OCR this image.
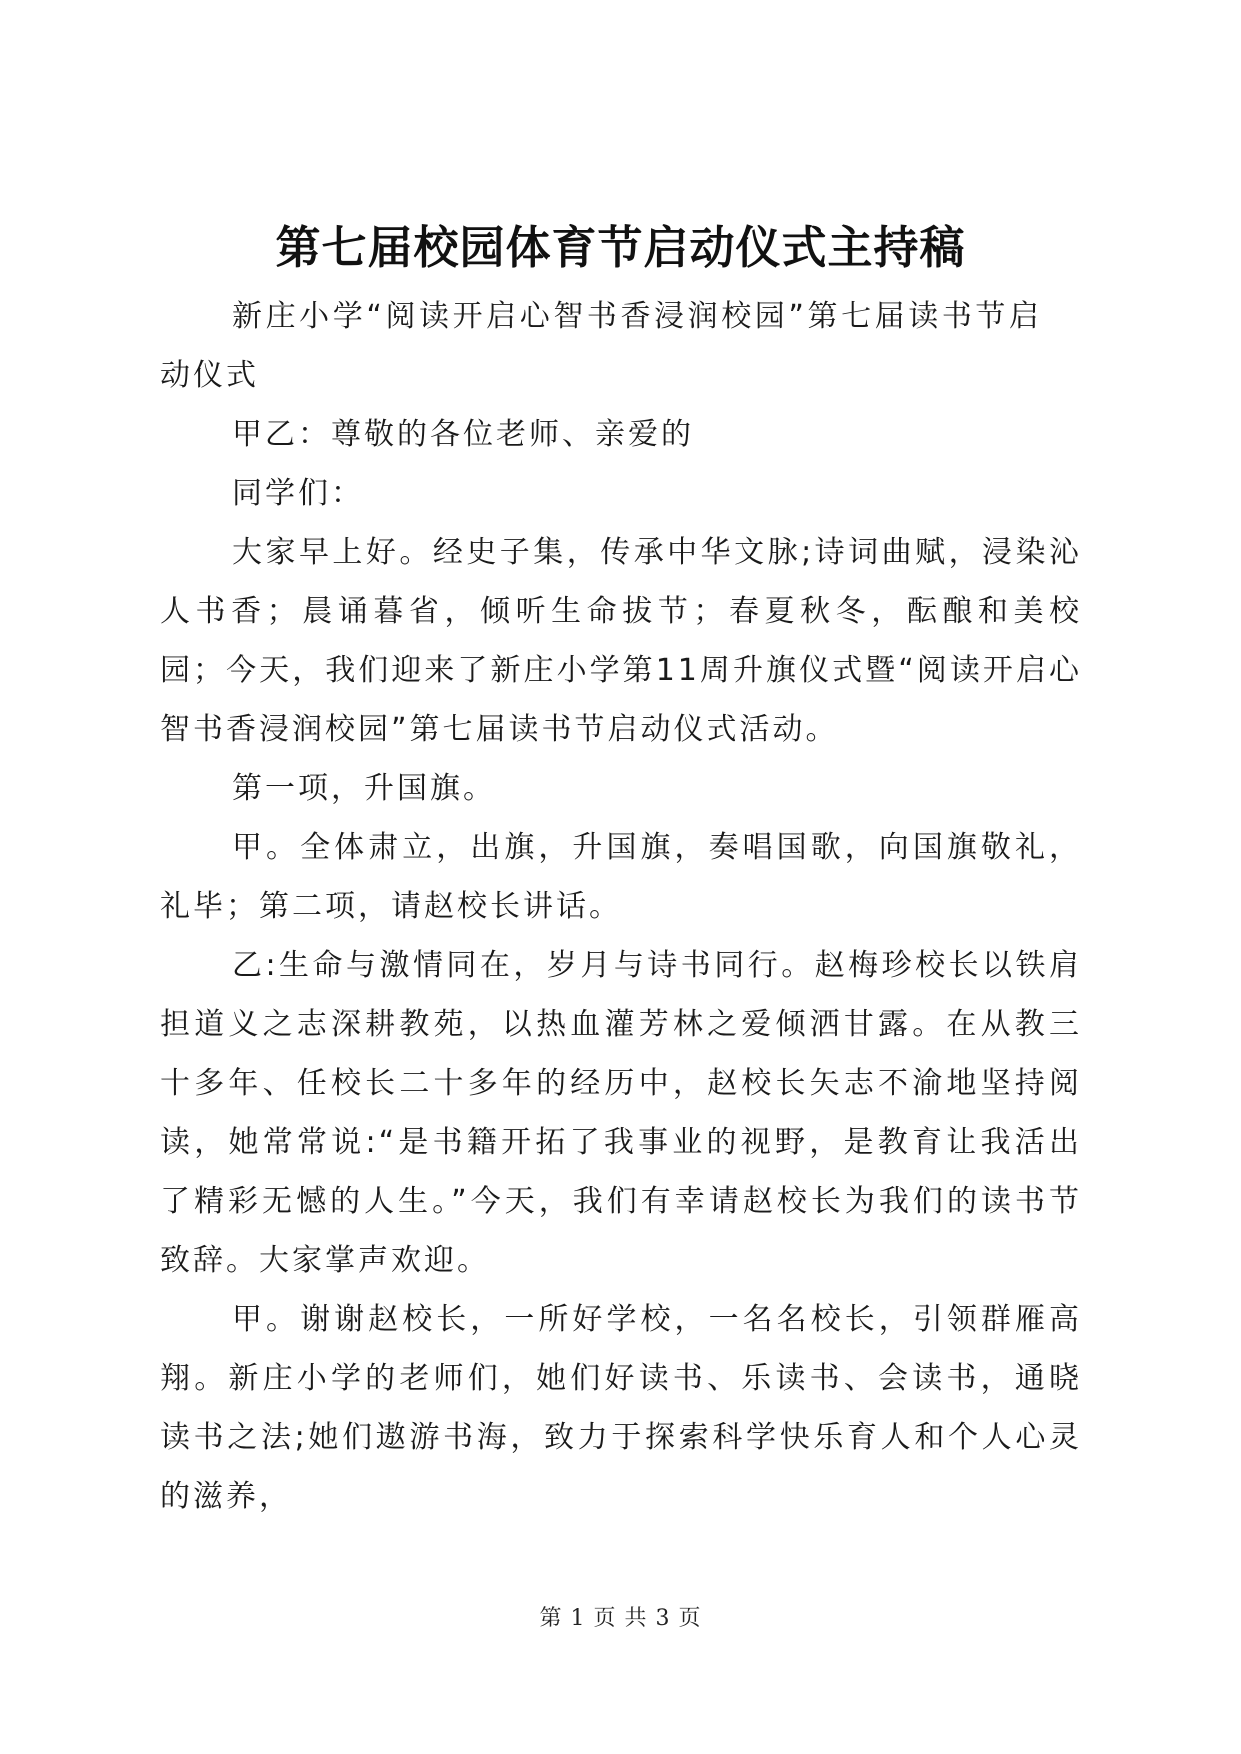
第七届校园体育节启动仪式主持稿

新庄小学“阅读开启心智书香浸润校园”第七届读书节启动仪式

甲乙：尊敬的各位老师、亲爱的

同学们：

大家早上好。经史子集，传承中华文脉;诗词曲赋，浸染沁人书香；晨诵暮省，倾听生命拔节；春夏秋冬，酝酿和美校园；今天，我们迎来了新庄小学第11周升旗仪式暨“阅读开启心智书香浸润校园”第七届读书节启动仪式活动。

第一项，升国旗。

甲。全体肃立，出旗，升国旗，奏唱国歌，向国旗敬礼，礼毕；第二项，请赵校长讲话。

乙:生命与激情同在，岁月与诗书同行。赵梅珍校长以铁肩担道义之志深耕教苑，以热血灌芳林之爱倾洒甘露。在从教三十多年、任校长二十多年的经历中，赵校长矢志不渝地坚持阅读，她常常说:“是书籍开拓了我事业的视野，是教育让我活出了精彩无憾的人生。”今天，我们有幸请赵校长为我们的读书节致辞。大家掌声欢迎。

甲。谢谢赵校长，一所好学校，一名名校长，引领群雁高翔。新庄小学的老师们，她们好读书、乐读书、会读书，通晓读书之法;她们遨游书海，致力于探索科学快乐育人和个人心灵的滋养，

第 1 页 共 3 页
